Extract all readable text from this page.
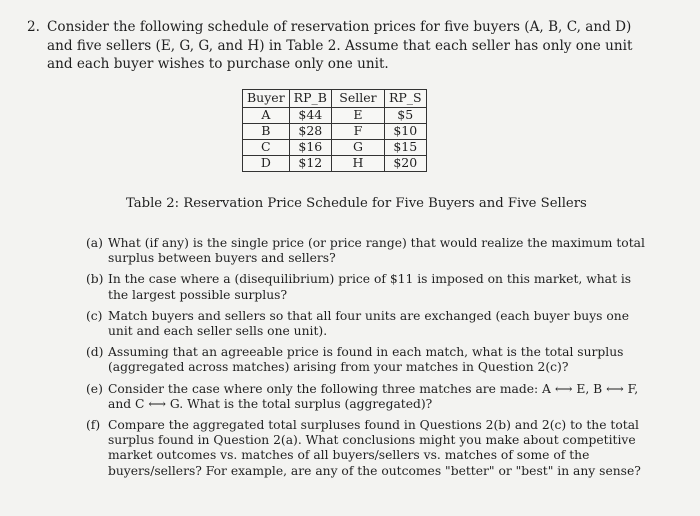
2. Consider the following schedule of reservation prices for five buyers (A, B, C, and D) and five sellers (E, G, G, and H) in Table 2. Assume that each seller has only one unit and each buyer wishes to purchase only one unit.
Buyer	RP_B	Seller	RP_S
A	$44	E	$5
B	$28	F	$10
C	$16	G	$15
D	$12	H	$20
Table 2: Reservation Price Schedule for Five Buyers and Five Sellers
(a) What (if any) is the single price (or price range) that would realize the maximum total surplus between buyers and sellers?
(b) In the case where a (disequilibrium) price of $11 is imposed on this market, what is the largest possible surplus?
(c) Match buyers and sellers so that all four units are exchanged (each buyer buys one unit and each seller sells one unit).
(d) Assuming that an agreeable price is found in each match, what is the total surplus (aggregated across matches) arising from your matches in Question 2(c)?
(e) Consider the case where only the following three matches are made: A ⟷ E, B ⟷ F, and C ⟷ G. What is the total surplus (aggregated)?
(f) Compare the aggregated total surpluses found in Questions 2(b) and 2(c) to the total surplus found in Question 2(a). What conclusions might you make about competitive market outcomes vs. matches of all buyers/sellers vs. matches of some of the buyers/sellers? For example, are any of the outcomes "better" or "best" in any sense?
